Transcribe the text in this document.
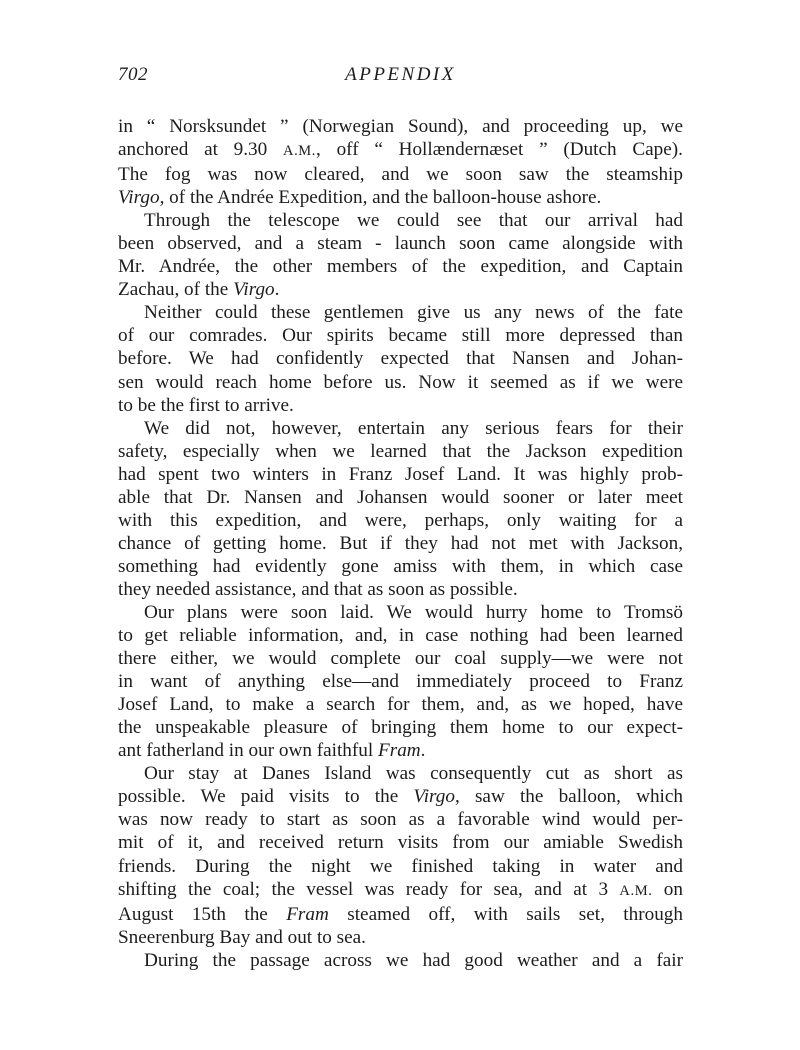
702	APPENDIX
in “ Norsksundet ” (Norwegian Sound), and proceeding up, we
anchored at 9.30 A.M., off “ Hollændernæset ” (Dutch Cape).
The fog was now cleared, and we soon saw the steamship
Virgo, of the Andrée Expedition, and the balloon-house ashore.
Through the telescope we could see that our arrival had
been observed, and a steam - launch soon came alongside with
Mr. Andrée, the other members of the expedition, and Captain
Zachau, of the Virgo.
Neither could these gentlemen give us any news of the fate
of our comrades. Our spirits became still more depressed than
before. We had confidently expected that Nansen and Johan-
sen would reach home before us. Now it seemed as if we were
to be the first to arrive.
We did not, however, entertain any serious fears for their
safety, especially when we learned that the Jackson expedition
had spent two winters in Franz Josef Land. It was highly prob-
able that Dr. Nansen and Johansen would sooner or later meet
with this expedition, and were, perhaps, only waiting for a
chance of getting home. But if they had not met with Jackson,
something had evidently gone amiss with them, in which case
they needed assistance, and that as soon as possible.
Our plans were soon laid. We would hurry home to Tromsö
to get reliable information, and, in case nothing had been learned
there either, we would complete our coal supply—we were not
in want of anything else—and immediately proceed to Franz
Josef Land, to make a search for them, and, as we hoped, have
the unspeakable pleasure of bringing them home to our expect-
ant fatherland in our own faithful Fram.
Our stay at Danes Island was consequently cut as short as
possible. We paid visits to the Virgo, saw the balloon, which
was now ready to start as soon as a favorable wind would per-
mit of it, and received return visits from our amiable Swedish
friends. During the night we finished taking in water and
shifting the coal; the vessel was ready for sea, and at 3 A.M. on
August 15th the Fram steamed off, with sails set, through
Sneerenburg Bay and out to sea.
During the passage across we had good weather and a fair
